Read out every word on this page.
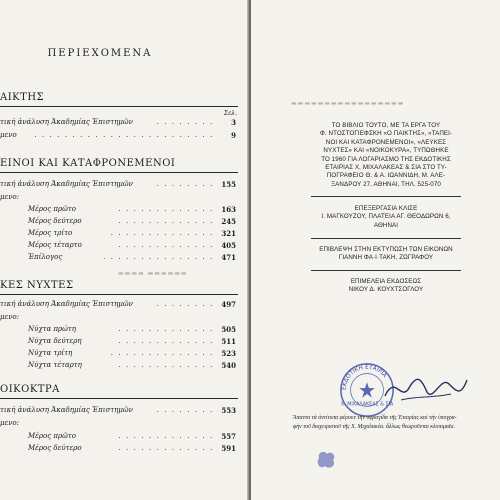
ΠΕΡΙΕΧΟΜΕΝΑ
ΑΙΚΤΗΣ
Σελ.
τική ἀνάλυση Ἀκαδημίας Ἐπιστημῶν	. . . . . . . . 3
μενο . . . . . . . . . . . . . . . . . . . . . . . . 9
ΕΙΝΟΙ ΚΑΙ ΚΑΤΑΦΡΟΝΕΜΕΝΟΙ
τική ἀνάλυση Ἀκαδημίας Ἐπιστημῶν	. . . . . . . . 155
μενο:
Μέρος πρῶτο	. . . . . . . . . . . . . 163
Μέρος δεύτερο	. . . . . . . . . . . . . 245
Μέρος τρίτο	. . . . . . . . . . . . . . 321
Μέρος τέταρτο	. . . . . . . . . . . . . 405
Ἐπίλογος	. . . . . . . . . . . . . . . 471
▬▬▬▬ ▬▬▬▬▬▬
ΚΕΣ ΝΥΧΤΕΣ
τική ἀνάλυση Ἀκαδημίας Ἐπιστημῶν	. . . . . . . . 497
μενο:
Νύχτα πρώτη	. . . . . . . . . . . . . 505
Νύχτα δεύτερη	. . . . . . . . . . . . . 511
Νύχτα τρίτη	. . . . . . . . . . . . . . 523
Νύχτα τέταρτη	. . . . . . . . . . . . . 540
ΟΙΚΟΚΤΡΑ
τική ἀνάλυση Ἀκαδημίας Ἐπιστημῶν	. . . . . . . . 553
μενο:
Μέρος πρῶτο	. . . . . . . . . . . . . 557
Μέρος δεύτερο	. . . . . . . . . . . . . 591
▬▬▬▬▬▬▬▬▬▬▬▬▬▬▬▬▬
ΤΟ ΒΙΒΛΙΟ ΤΟΥΤΟ, ΜΕ ΤΑ ΕΡΓΑ ΤΟΥ
Φ. ΝΤΟΣΤΟΓΙΕΦΣΚΗ «Ο ΠΑΙΚΤΗΣ», «ΤΑΠΕΙ-
ΝΟΙ ΚΑΙ ΚΑΤΑΦΡΟΝΕΜΕΝΟΙ», «ΛΕΥΚΕΣ
ΝΥΧΤΕΣ» ΚΑΙ «ΝΟΙΚΟΚΥΡΑ», ΤΥΠΩΘΗΚΕ
ΤΟ 1960 ΓΙΑ ΛΟΓΑΡΙΑΣΜΟ ΤΗΣ ΕΚΔΟΤΙΚΗΣ
ΕΤΑΙΡΙΑΣ Χ. ΜΙΧΑΛΑΚΕΑΣ & ΣΙΑ ΣΤΟ ΤΥ-
ΠΟΓΡΑΦΕΙΟ Θ. & Α. ΙΩΑΝΝΙΔΗ, Μ. ΑΛΕ-
ΞΑΝΔΡΟΥ 27, ΑΘΗΝΑΙ, ΤΗΛ. 525-070
ΕΠΕΞΕΡΓΑΣΙΑ ΚΛΙΣΕ
Ι. ΜΑΓΚΟΥΖΟΥ, ΠΛΑΤΕΙΑ ΑΓ. ΘΕΟΔΩΡΩΝ 6,
ΑΘΗΝΑΙ
ΕΠΙΒΛΕΨΗ ΣΤΗΝ ΕΚΤΥΠΩΣΗ ΤΩΝ ΕΙΚΟΝΩΝ
ΓΙΑΝΝΗ ΦΑ·Ι·ΤΑΚΗ, ΖΩΓΡΑΦΟΥ
ΕΠΙΜΕΛΕΙΑ ΕΚΔΟΣΕΩΣ
ΝΙΚΟΥ Δ. ΚΟΥΧΤΣΟΓΛΟΥ
ΕΚΔΟΤΙΚΗ ΕΤΑΙΡΙΑ
Χ. ΜΙΧΑΛΑΚΕΑΣ & ΣΙΑ
Ἅπαντα τὰ ἀντίτυπα φέρουν τὴν σφραγίδα τῆς Ἑταιρίας καὶ τὴν ὑπογρα-
φὴν τοῦ διαχειριστοῦ τῆς Χ. Μιχαλακέα. ἄλλως θεωροῦνται κλοπιμαῖα.
